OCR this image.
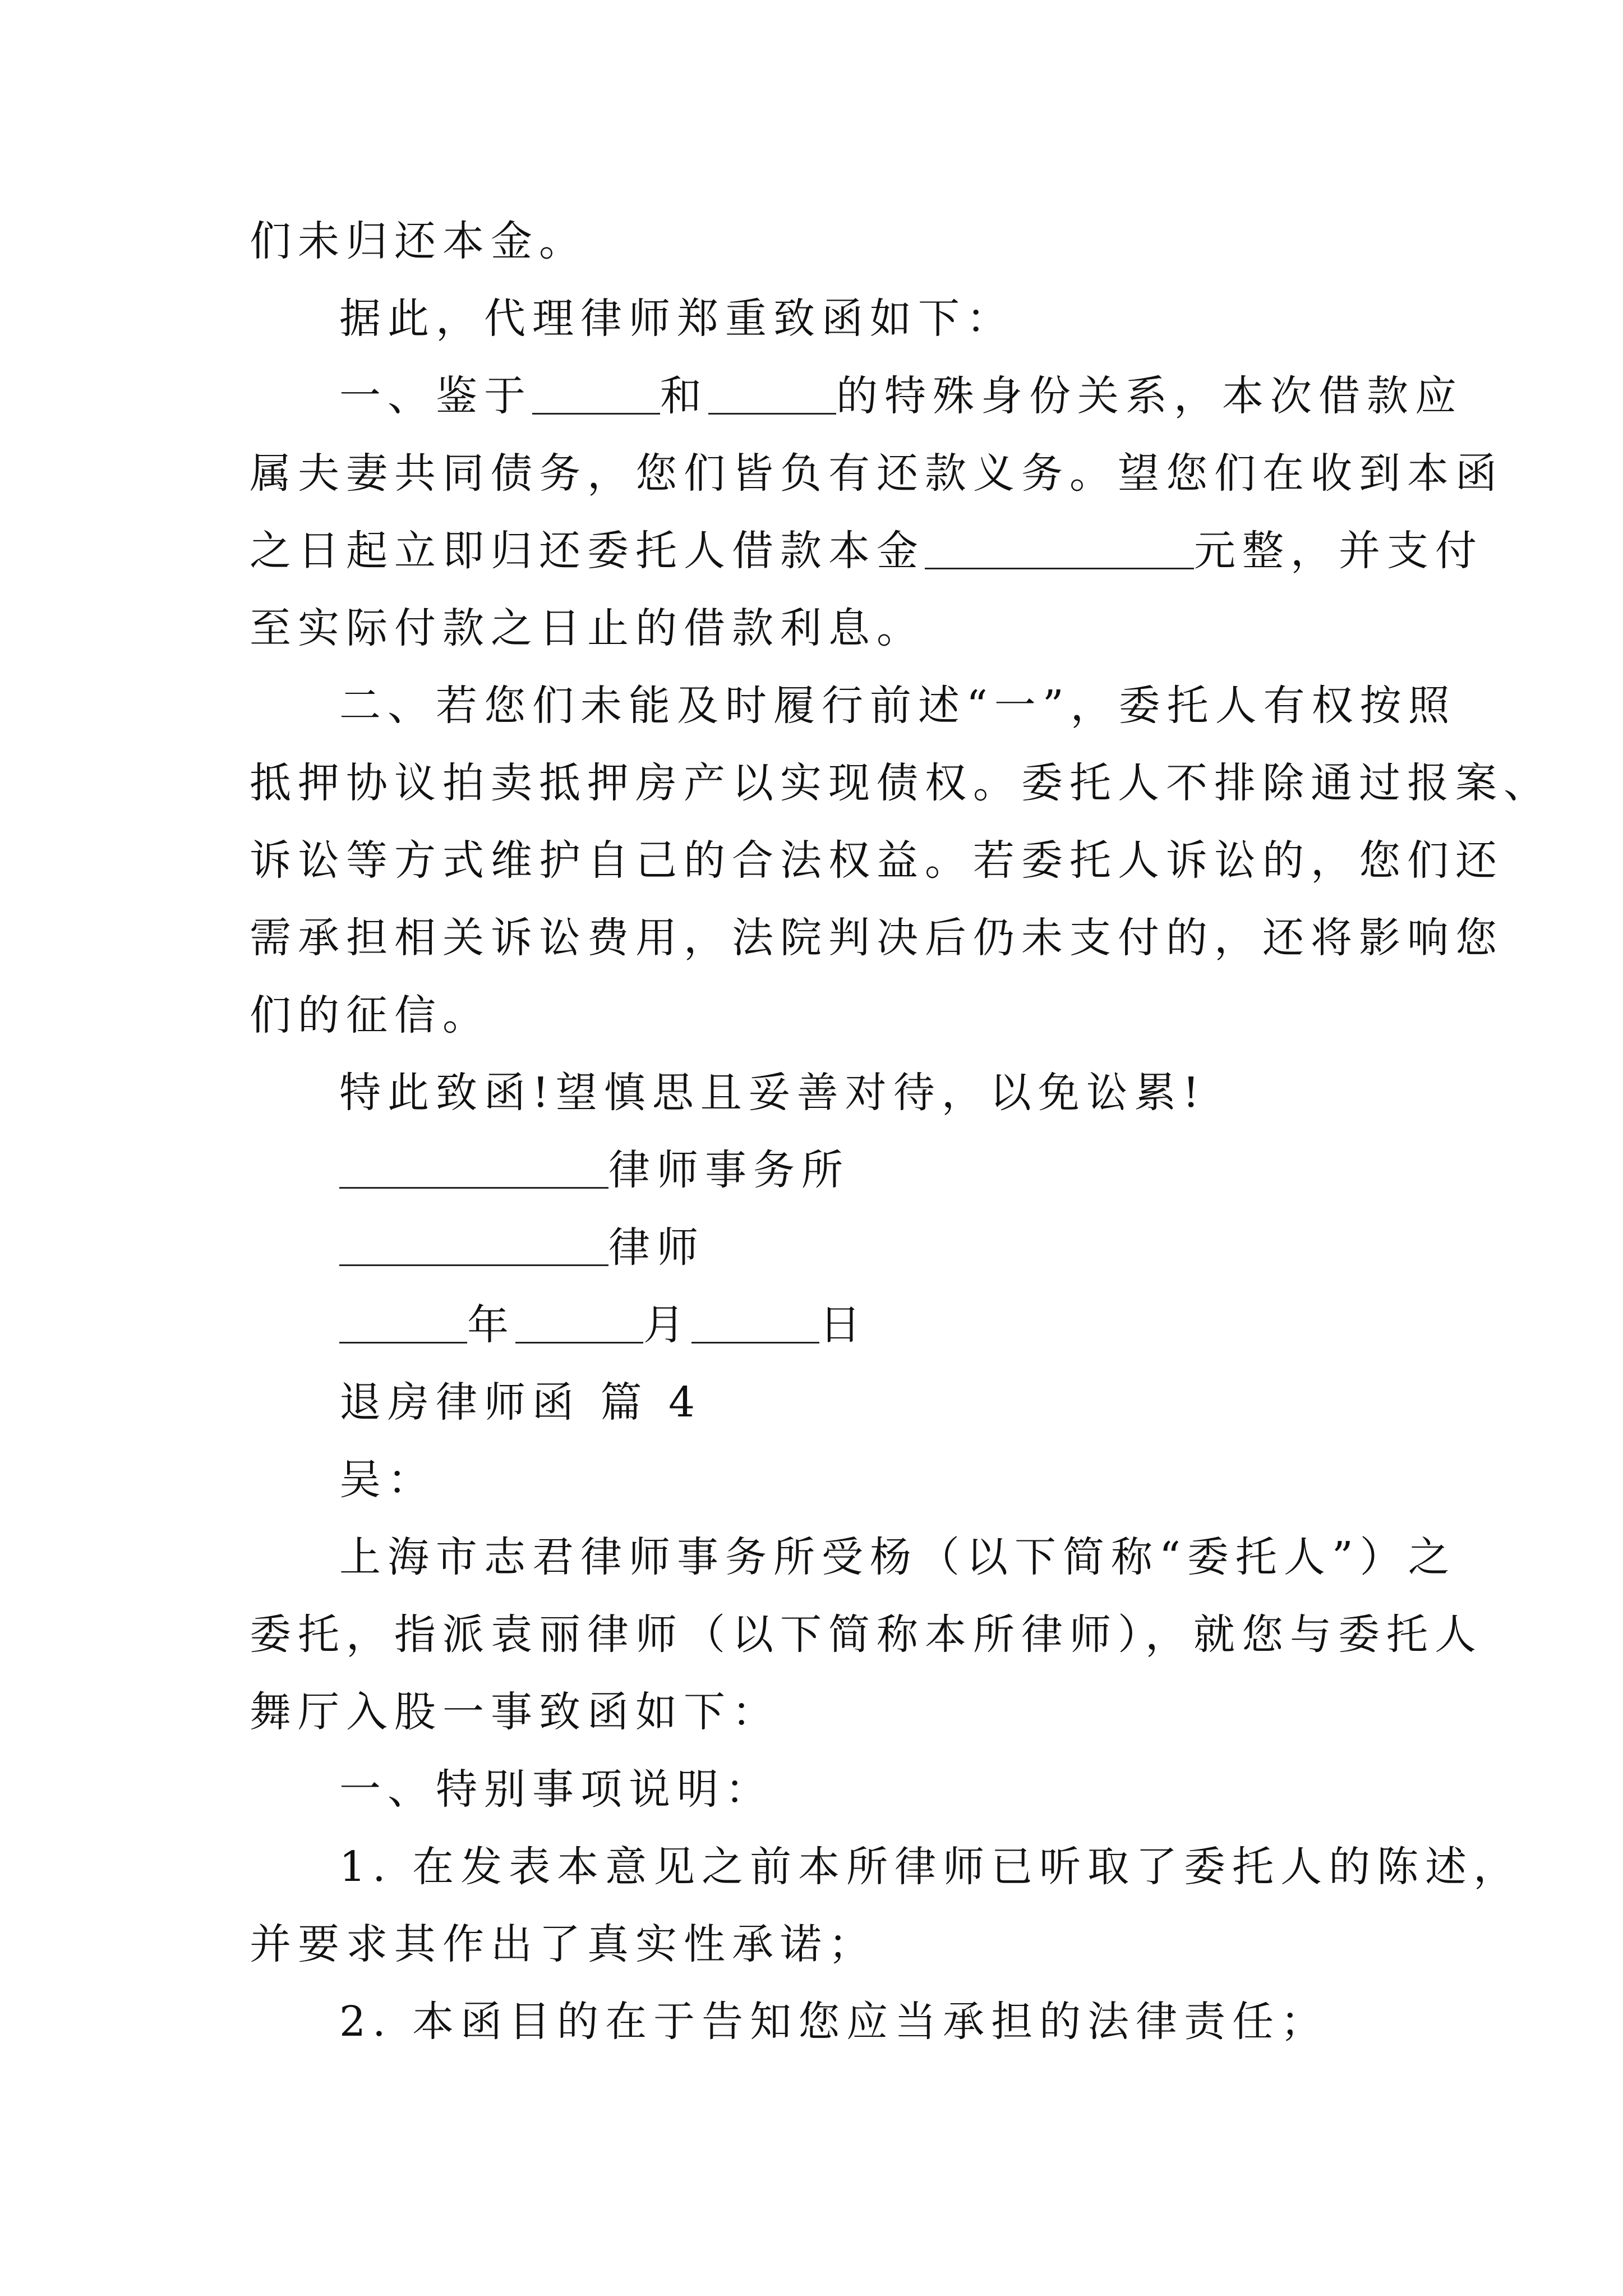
们未归还本金。
据此，代理律师郑重致函如下：
一、鉴于	和	的特殊身份关系，本次借款应
属夫妻共同债务，您们皆负有还款义务。望您们在收到本函
之日起立即归还委托人借款本金	元整，并支付
至实际付款之日止的借款利息。
二、若您们未能及时履行前述“一”，委托人有权按照
抵押协议拍卖抵押房产以实现债权。委托人不排除通过报案、
诉讼等方式维护自己的合法权益。若委托人诉讼的，您们还
需承担相关诉讼费用，法院判决后仍未支付的，还将影响您
们的征信。
特此致函!望慎思且妥善对待，以免讼累!
律师事务所
律师
年	月	日
退房律师函 篇 4
吴：
上海市志君律师事务所受杨（以下简称“委托人”）之
委托，指派袁丽律师（以下简称本所律师），就您与委托人
舞厅入股一事致函如下：
一、特别事项说明：
1. 在发表本意见之前本所律师已听取了委托人的陈述，
并要求其作出了真实性承诺；
2. 本函目的在于告知您应当承担的法律责任；
